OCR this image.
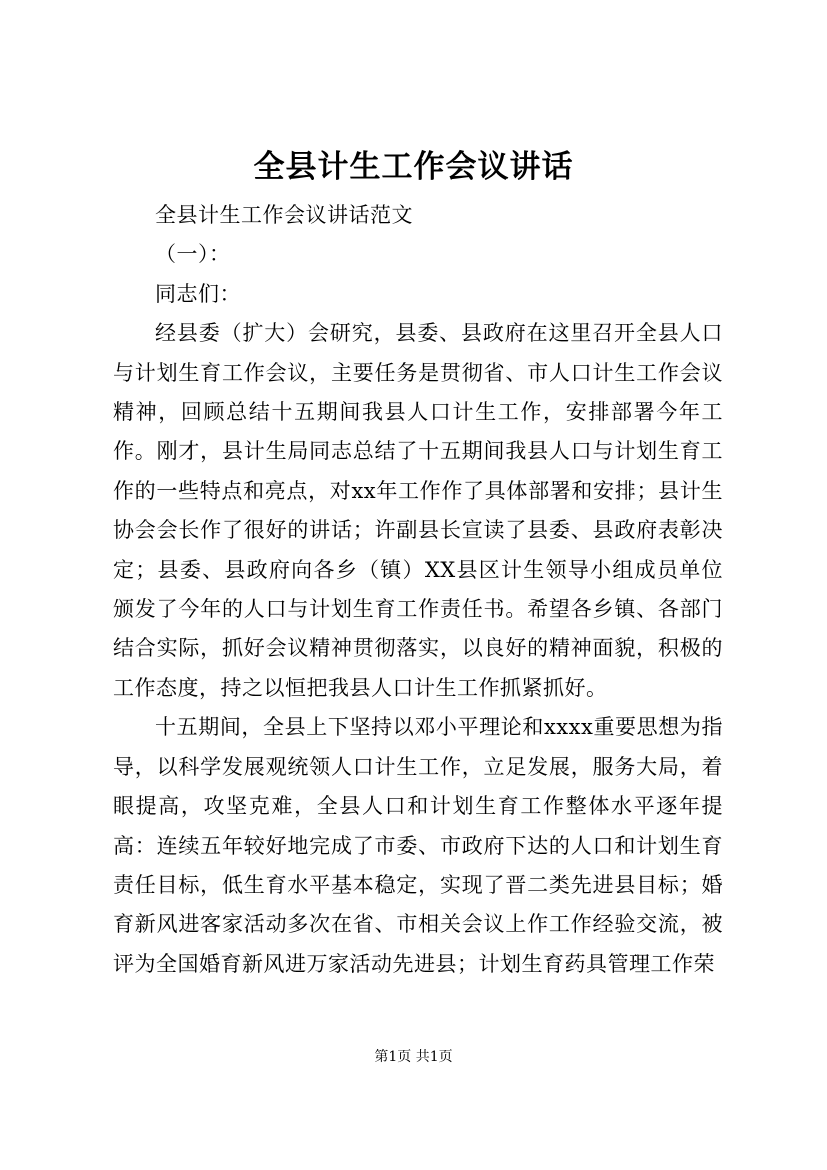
全县计生工作会议讲话

全县计生工作会议讲话范文

（一）：

同志们：

经县委（扩大）会研究，县委、县政府在这里召开全县人口与计划生育工作会议，主要任务是贯彻省、市人口计生工作会议精神，回顾总结十五期间我县人口计生工作，安排部署今年工作。刚才，县计生局同志总结了十五期间我县人口与计划生育工作的一些特点和亮点，对xx年工作作了具体部署和安排；县计生协会会长作了很好的讲话；许副县长宣读了县委、县政府表彰决定；县委、县政府向各乡（镇）XX县区计生领导小组成员单位颁发了今年的人口与计划生育工作责任书。希望各乡镇、各部门结合实际，抓好会议精神贯彻落实，以良好的精神面貌，积极的工作态度，持之以恒把我县人口计生工作抓紧抓好。

十五期间，全县上下坚持以邓小平理论和xxxx重要思想为指导，以科学发展观统领人口计生工作，立足发展，服务大局，着眼提高，攻坚克难，全县人口和计划生育工作整体水平逐年提高：连续五年较好地完成了市委、市政府下达的人口和计划生育责任目标，低生育水平基本稳定，实现了晋二类先进县目标；婚育新风进客家活动多次在省、市相关会议上作工作经验交流，被评为全国婚育新风进万家活动先进县；计划生育药具管理工作荣

第1页 共1页
